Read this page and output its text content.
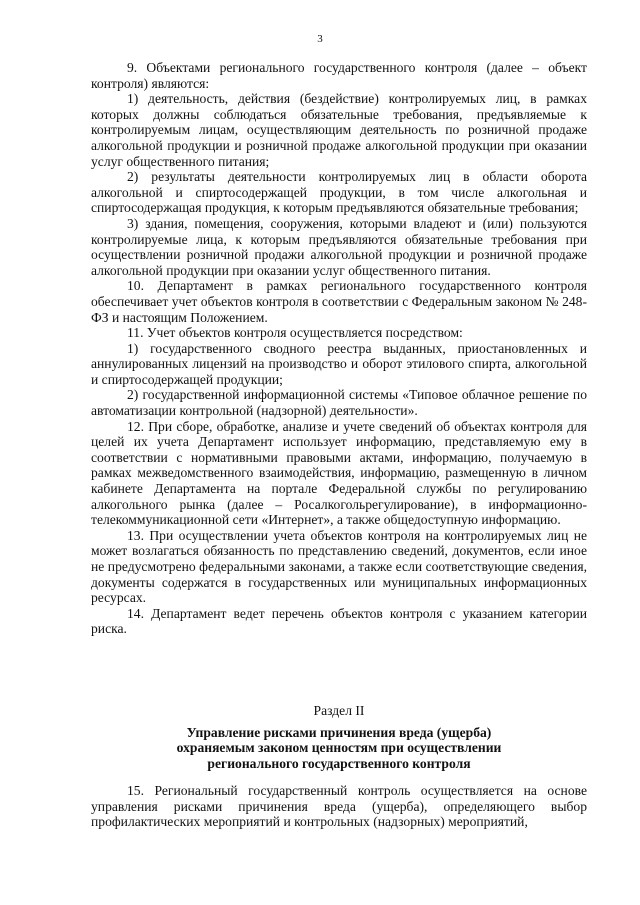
3

9. Объектами регионального государственного контроля (далее – объект контроля) являются:

1) деятельность, действия (бездействие) контролируемых лиц, в рамках которых должны соблюдаться обязательные требования, предъявляемые к контролируемым лицам, осуществляющим деятельность по розничной продаже алкогольной продукции и розничной продаже алкогольной продукции при оказании услуг общественного питания;

2) результаты деятельности контролируемых лиц в области оборота алкогольной и спиртосодержащей продукции, в том числе алкогольная и спиртосодержащая продукция, к которым предъявляются обязательные требования;

3) здания, помещения, сооружения, которыми владеют и (или) пользуются контролируемые лица, к которым предъявляются обязательные требования при осуществлении розничной продажи алкогольной продукции и розничной продаже алкогольной продукции при оказании услуг общественного питания.

10. Департамент в рамках регионального государственного контроля обеспечивает учет объектов контроля в соответствии с Федеральным законом № 248-ФЗ и настоящим Положением.

11. Учет объектов контроля осуществляется посредством:

1) государственного сводного реестра выданных, приостановленных и аннулированных лицензий на производство и оборот этилового спирта, алкогольной и спиртосодержащей продукции;

2) государственной информационной системы «Типовое облачное решение по автоматизации контрольной (надзорной) деятельности».

12. При сборе, обработке, анализе и учете сведений об объектах контроля для целей их учета Департамент использует информацию, представляемую ему в соответствии с нормативными правовыми актами, информацию, получаемую в рамках межведомственного взаимодействия, информацию, размещенную в личном кабинете Департамента на портале Федеральной службы по регулированию алкогольного рынка (далее – Росалкогольрегулирование), в информационно-телекоммуникационной сети «Интернет», а также общедоступную информацию.

13. При осуществлении учета объектов контроля на контролируемых лиц не может возлагаться обязанность по представлению сведений, документов, если иное не предусмотрено федеральными законами, а также если соответствующие сведения, документы содержатся в государственных или муниципальных информационных ресурсах.

14. Департамент ведет перечень объектов контроля с указанием категории риска.

Раздел II

Управление рисками причинения вреда (ущерба)

охраняемым законом ценностям при осуществлении

регионального государственного контроля

15. Региональный государственный контроль осуществляется на основе управления рисками причинения вреда (ущерба), определяющего выбор профилактических мероприятий и контрольных (надзорных) мероприятий,
